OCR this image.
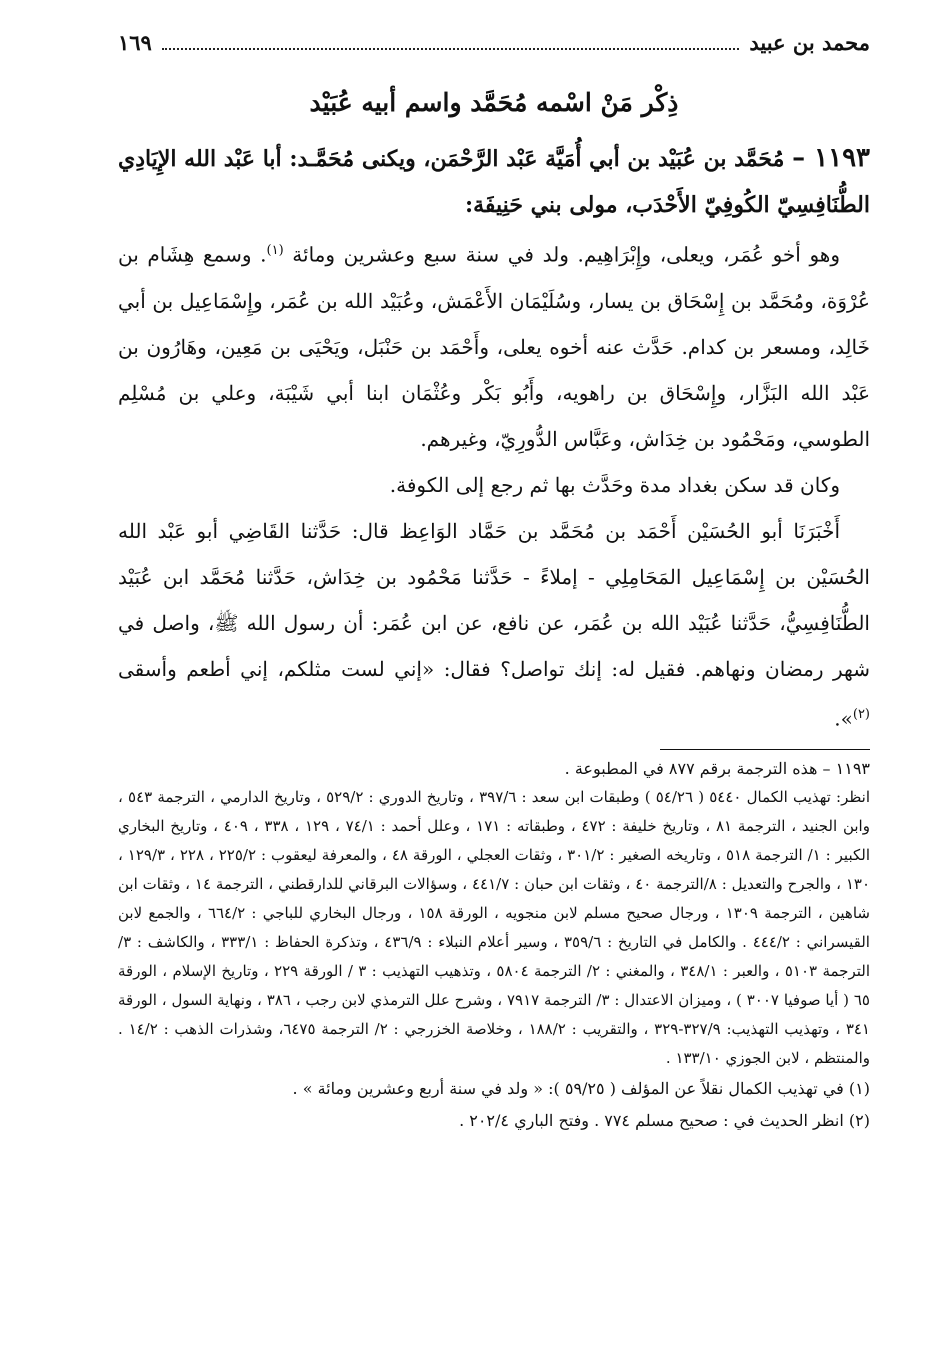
محمد بن عبيد
١٦٩
ذِكْر مَنْ اسْمه مُحَمَّد واسم أبيه عُبَيْد
١١٩٣ – مُحَمَّد بن عُبَيْد بن أبي أُمَيَّة عَبْد الرَّحْمَن، ويكنى مُحَمَّـد: أبا عَبْد الله الإِيَادِي الطُّنَافِسِيّ الكُوفِيّ الأَحْدَب، مولى بني حَنِيفَة:

وهو أخو عُمَر، ويعلى، وإِبْرَاهِيم. ولد في سنة سبع وعشرين ومائة $^{(١)}$. وسمع هِشَام بن عُرْوَة، ومُحَمَّد بن إِسْحَاق بن يسار، وسُلَيْمَان الأَعْمَش، وعُبَيْد الله بن عُمَر، وإِسْمَاعِيل بن أبي خَالِد، ومسعر بن كدام. حَدَّث عنه أخوه يعلى، وأَحْمَد بن حَنْبَل، ويَحْيَى بن مَعِين، وهَارُون بن عَبْد الله البَزَّار، وإِسْحَاق بن راهويه، وأَبُو بَكْر وعُثْمَان ابنا أبي شَيْبَة، وعلي بن مُسْلِم الطوسي، ومَحْمُود بن خِدَاش، وعَبَّاس الدُّورِيّ، وغيرهم.

وكان قد سكن بغداد مدة وحَدَّث بها ثم رجع إلى الكوفة.

أَخْبَرَنَا أبو الحُسَيْن أَحْمَد بن مُحَمَّد بن حَمَّاد الوَاعِظ قال: حَدَّثنا القَاضِي أبو عَبْد الله الحُسَيْن بن إِسْمَاعِيل المَحَامِلِي - إملاءً - حَدَّثنا مَحْمُود بن خِدَاش، حَدَّثنا مُحَمَّد ابن عُبَيْد الطُّنَافِسِيُّ، حَدَّثنا عُبَيْد الله بن عُمَر، عن نافع، عن ابن عُمَر: أن رسول الله ﷺ، واصل في شهر رمضان ونهاهم. فقيل له: إنك تواصل؟ فقال: «إني لست مثلكم، إني أطعم وأسقى $^{(٢)}$».

١١٩٣ – هذه الترجمة برقم ٨٧٧ في المطبوعة .

انظر: تهذيب الكمال ٥٤٤٠ ( ٥٤/٢٦ ) وطبقات ابن سعد : ٣٩٧/٦ ، وتاريخ الدوري : ٥٢٩/٢ ، وتاريخ الدارمي ، الترجمة ٥٤٣ ، وابن الجنيد ، الترجمة ٨١ ، وتاريخ خليفة : ٤٧٢ ، وطبقاته : ١٧١ ، وعلل أحمد : ٧٤/١ ، ١٢٩ ، ٣٣٨ ، ٤٠٩ ، وتاريخ البخاري الكبير : ١/ الترجمة ٥١٨ ، وتاريخه الصغير : ٣٠١/٢ ، وثقات العجلي ، الورقة ٤٨ ، والمعرفة ليعقوب : ٢٢٥/٢ ، ٢٢٨ ، ١٢٩/٣ ، ١٣٠ ، والجرح والتعديل : ٨/الترجمة ٤٠ ، وثقات ابن حبان : ٤٤١/٧ ، وسؤالات البرقاني للدارقطني ، الترجمة ١٤ ، وثقات ابن شاهين ، الترجمة ١٣٠٩ ، ورجال صحيح مسلم لابن منجويه ، الورقة ١٥٨ ، ورجال البخاري للباجي : ٦٦٤/٢ ، والجمع لابن القيسراني : ٤٤٤/٢ . والكامل في التاريخ : ٣٥٩/٦ ، وسير أعلام النبلاء : ٤٣٦/٩ ، وتذكرة الحفاظ : ٣٣٣/١ ، والكاشف : ٣/ الترجمة ٥١٠٣ ، والعبر : ٣٤٨/١ ، والمغني : ٢/ الترجمة ٥٨٠٤ ، وتذهيب التهذيب : ٣ / الورقة ٢٢٩ ، وتاريخ الإسلام ، الورقة ٦٥ ( أيا صوفيا ٣٠٠٧ ) ، وميزان الاعتدال : ٣/ الترجمة ٧٩١٧ ، وشرح علل الترمذي لابن رجب ، ٣٨٦ ، ونهاية السول ، الورقة ٣٤١ ، وتهذيب التهذيب: ٣٢٧/٩-٣٢٩ ، والتقريب : ١٨٨/٢ ، وخلاصة الخزرجي : ٢/ الترجمة ٦٤٧٥، وشذرات الذهب : ١٤/٢ . والمنتظم ، لابن الجوزي ١٣٣/١٠ .

(١) في تهذيب الكمال نقلاً عن المؤلف ( ٥٩/٢٥ ): « ولد في سنة أربع وعشرين ومائة » .

(٢) انظر الحديث في : صحيح مسلم ٧٧٤ . وفتح الباري ٢٠٢/٤ .
